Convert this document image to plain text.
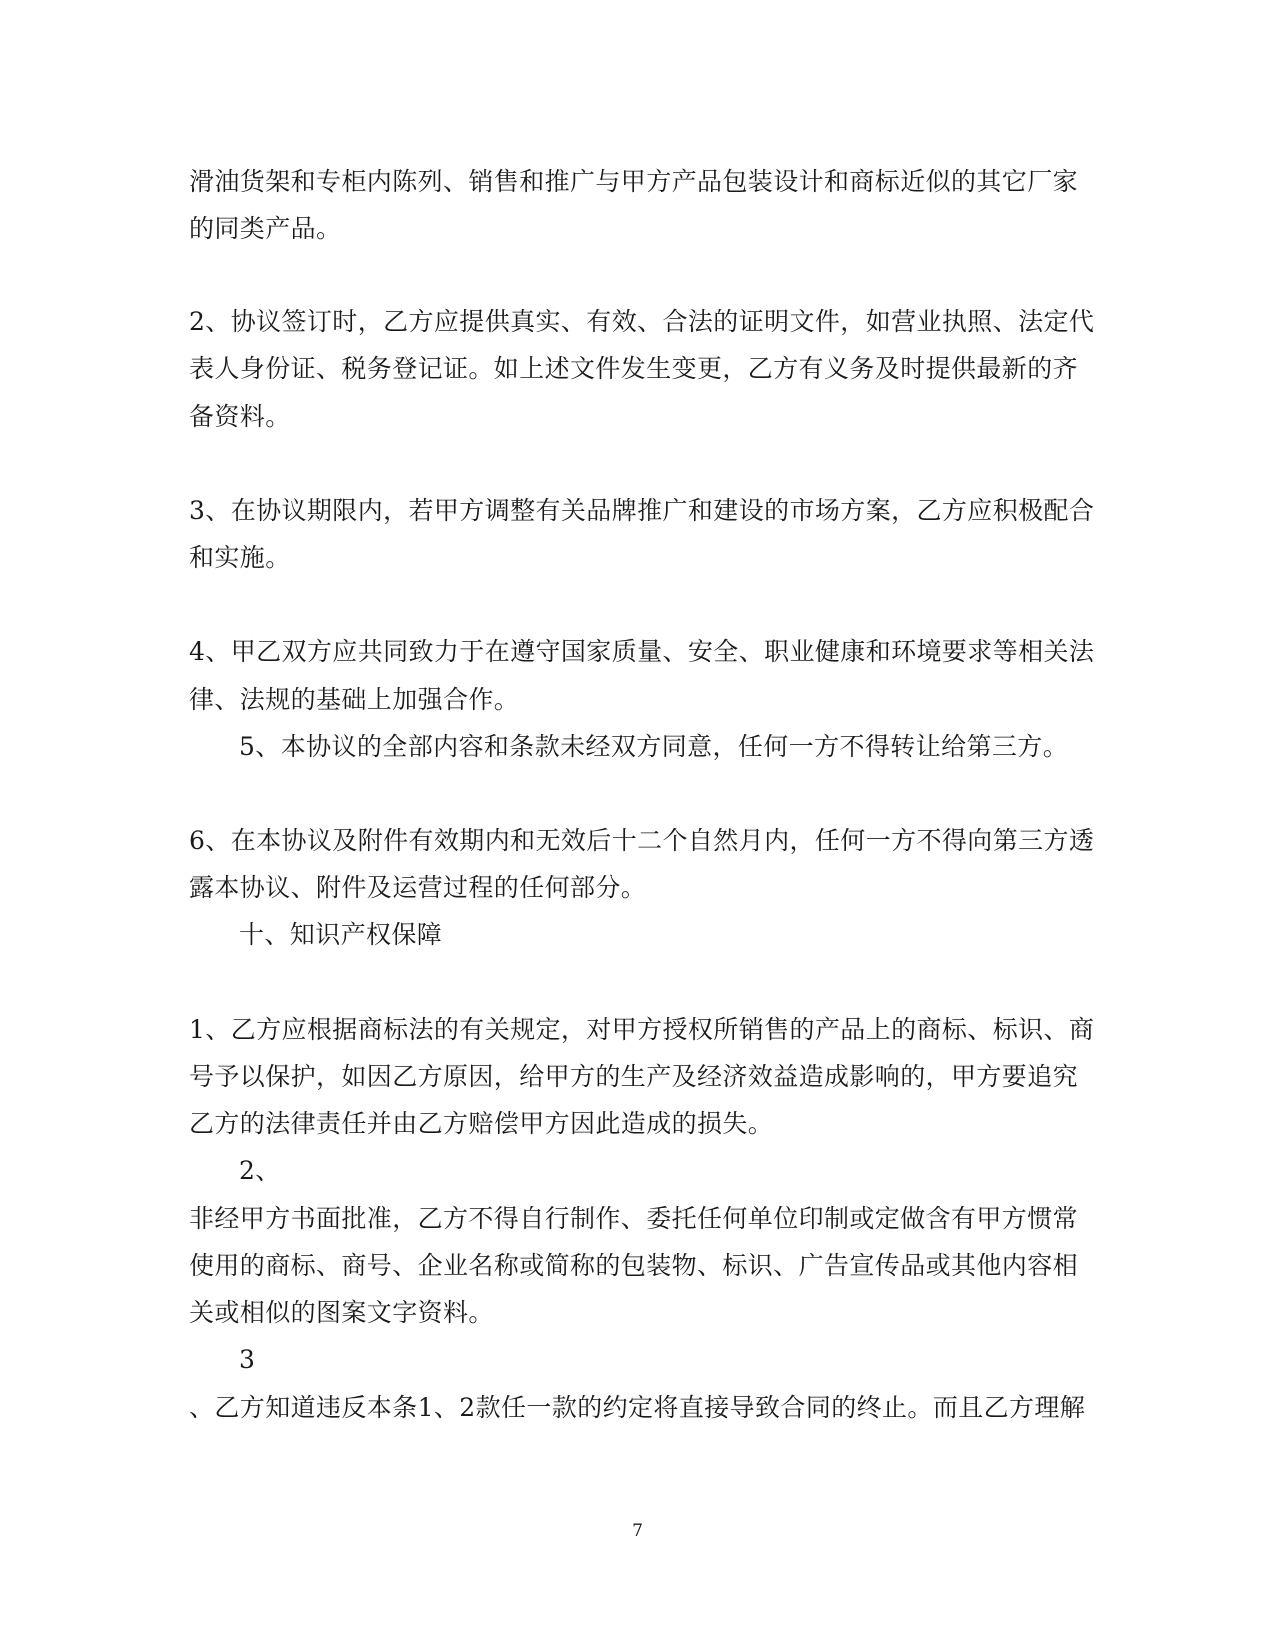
滑油货架和专柜内陈列、销售和推广与甲方产品包装设计和商标近似的其它厂家
的同类产品。
2、协议签订时，乙方应提供真实、有效、合法的证明文件，如营业执照、法定代
表人身份证、税务登记证。如上述文件发生变更，乙方有义务及时提供最新的齐
备资料。
3、在协议期限内，若甲方调整有关品牌推广和建设的市场方案，乙方应积极配合
和实施。
4、甲乙双方应共同致力于在遵守国家质量、安全、职业健康和环境要求等相关法
律、法规的基础上加强合作。
5、本协议的全部内容和条款未经双方同意，任何一方不得转让给第三方。
6、在本协议及附件有效期内和无效后十二个自然月内，任何一方不得向第三方透
露本协议、附件及运营过程的任何部分。
十、知识产权保障
1、乙方应根据商标法的有关规定，对甲方授权所销售的产品上的商标、标识、商
号予以保护，如因乙方原因，给甲方的生产及经济效益造成影响的，甲方要追究
乙方的法律责任并由乙方赔偿甲方因此造成的损失。
2、
非经甲方书面批准，乙方不得自行制作、委托任何单位印制或定做含有甲方惯常
使用的商标、商号、企业名称或简称的包装物、标识、广告宣传品或其他内容相
关或相似的图案文字资料。
3
、乙方知道违反本条1、2款任一款的约定将直接导致合同的终止。而且乙方理解
7
